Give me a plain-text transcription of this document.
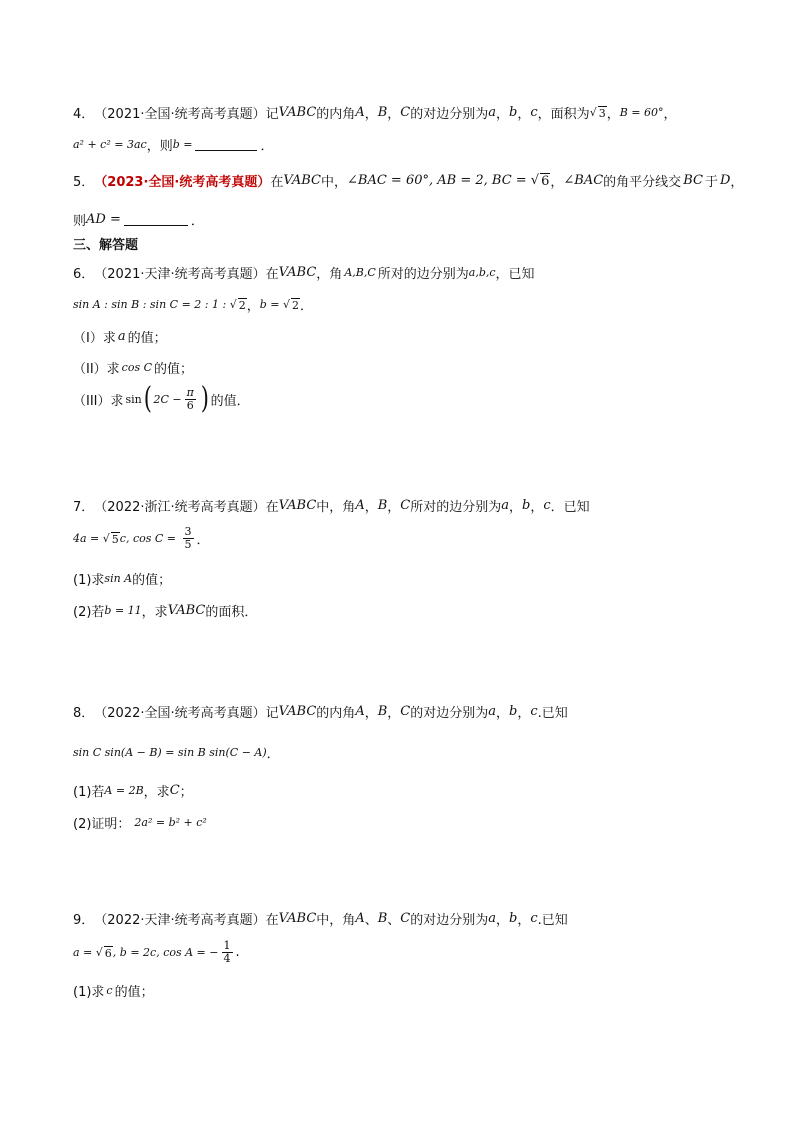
4． （2021·全国·统考高考真题） 记 VABC 的内角 A ， B ， C 的对边分别为 a ， b ， c ，面积为 √ 3 ， B = 60° ，
a² + c² = 3ac ，则 b =	．
5． （2023·全国·统考高考真题） 在 VABC 中， ∠BAC = 60°, AB = 2, BC = √ 6 ， ∠BAC 的角平分线交 BC 于 D ，
则 AD =	．
三、解答题
6． （2021·天津·统考高考真题） 在 VABC ，角 A,B,C 所对的边分别为 a,b,c ，已知
sin A : sin B : sin C = 2 : 1 : √ 2 ， b = √ 2 ．
（I）求 a 的值；
（II）求 cos C 的值；
（III）求 sin ( $2C - \frac{\pi}{6}$ ) 的值．
7． （2022·浙江·统考高考真题） 在 VABC 中，角 A ， B ， C 所对的边分别为 a ， b ， c ．已知
4a = √ 5 c, $\cos C = \frac{3}{5}$ ．
(1)求 sin A 的值；
(2)若 b = 11 ，求 VABC 的面积．
8． （2022·全国·统考高考真题） 记 VABC 的内角 A ， B ， C 的对边分别为 a ， b ， c .已知
sin C sin(A − B) = sin B sin(C − A) ．
(1)若 A = 2B ，求 C ；
(2)证明： 2a² = b² + c²
9． （2022·天津·统考高考真题） 在 VABC 中，角 A 、 B 、 C 的对边分别为 a ， b ， c .已知
a = √ 6 , b = 2c, cos A = − $\frac{1}{4}$ .
(1)求 c 的值；
